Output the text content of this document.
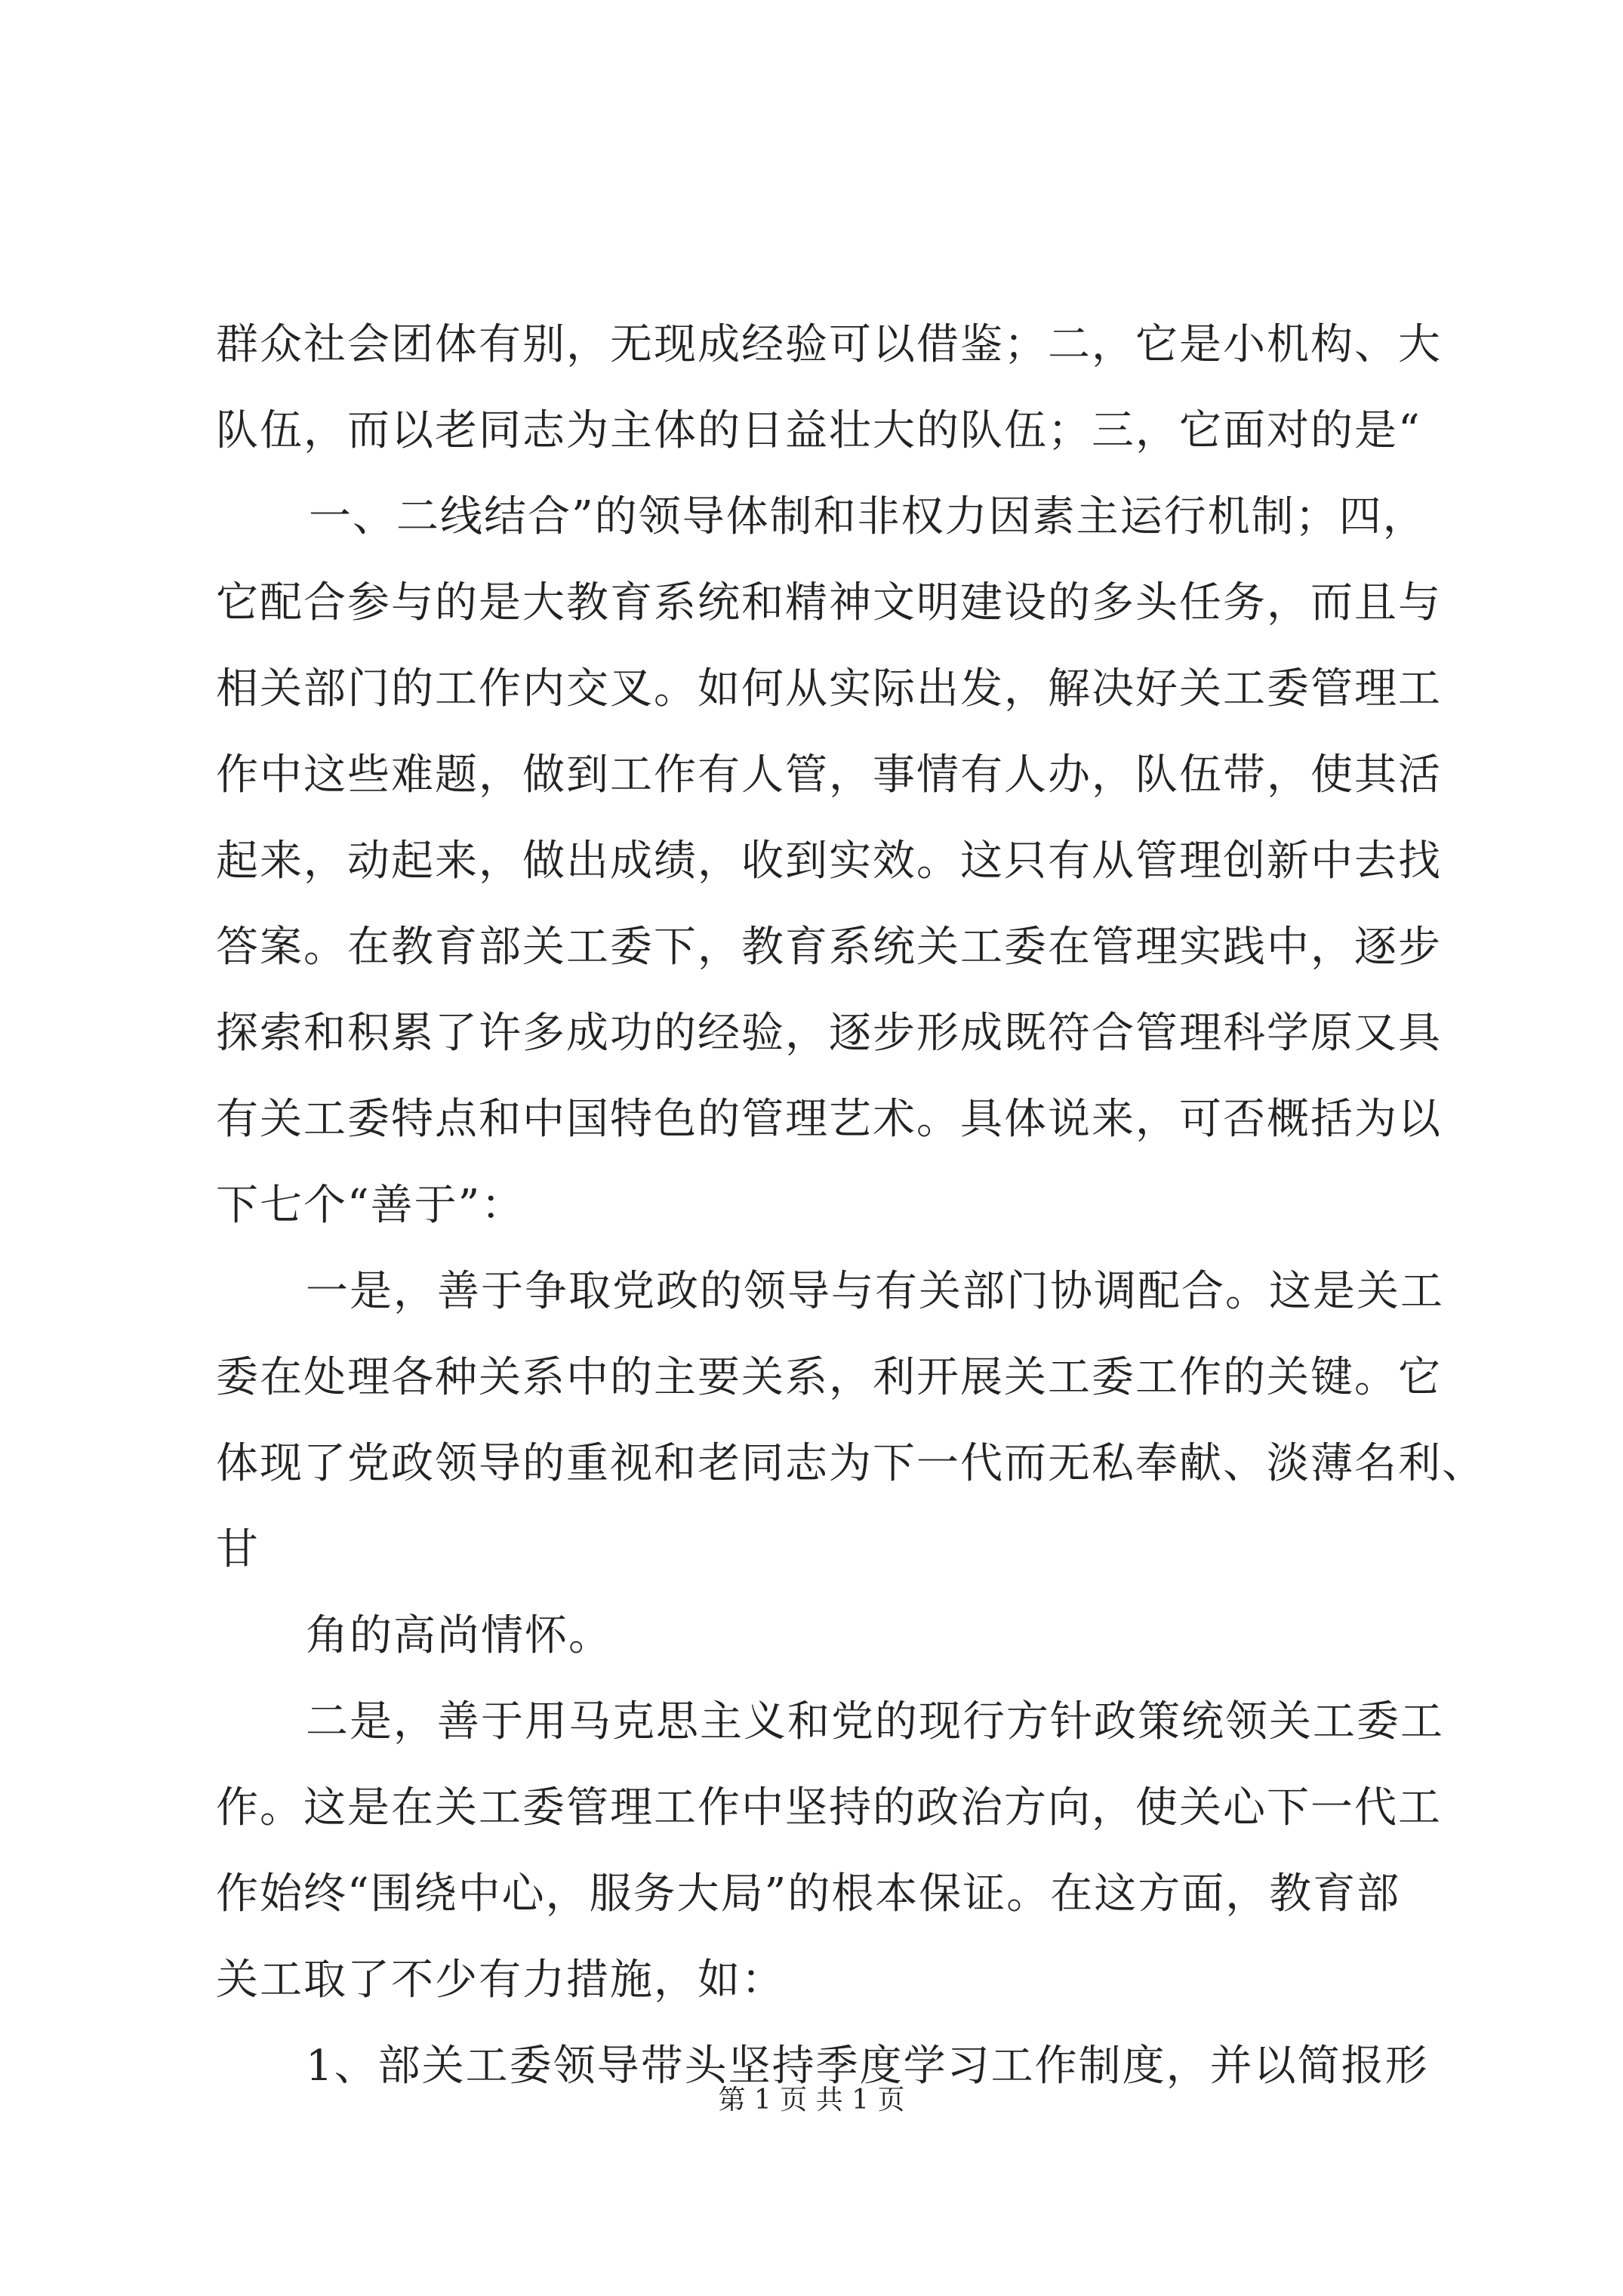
群众社会团体有别，无现成经验可以借鉴；二，它是小机构、大
队伍，而以老同志为主体的日益壮大的队伍；三，它面对的是“
一、二线结合”的领导体制和非权力因素主运行机制；四，
它配合参与的是大教育系统和精神文明建设的多头任务，而且与
相关部门的工作内交叉。如何从实际出发，解决好关工委管理工
作中这些难题，做到工作有人管，事情有人办，队伍带，使其活
起来，动起来，做出成绩，收到实效。这只有从管理创新中去找
答案。在教育部关工委下，教育系统关工委在管理实践中，逐步
探索和积累了许多成功的经验，逐步形成既符合管理科学原又具
有关工委特点和中国特色的管理艺术。具体说来，可否概括为以
下七个“善于”：
一是，善于争取党政的领导与有关部门协调配合。这是关工
委在处理各种关系中的主要关系，利开展关工委工作的关键。它
体现了党政领导的重视和老同志为下一代而无私奉献、淡薄名利、
甘
角的高尚情怀。
二是，善于用马克思主义和党的现行方针政策统领关工委工
作。这是在关工委管理工作中坚持的政治方向，使关心下一代工
作始终“围绕中心，服务大局”的根本保证。在这方面，教育部
关工取了不少有力措施，如：
1、部关工委领导带头坚持季度学习工作制度，并以简报形
第 1 页 共 1 页
